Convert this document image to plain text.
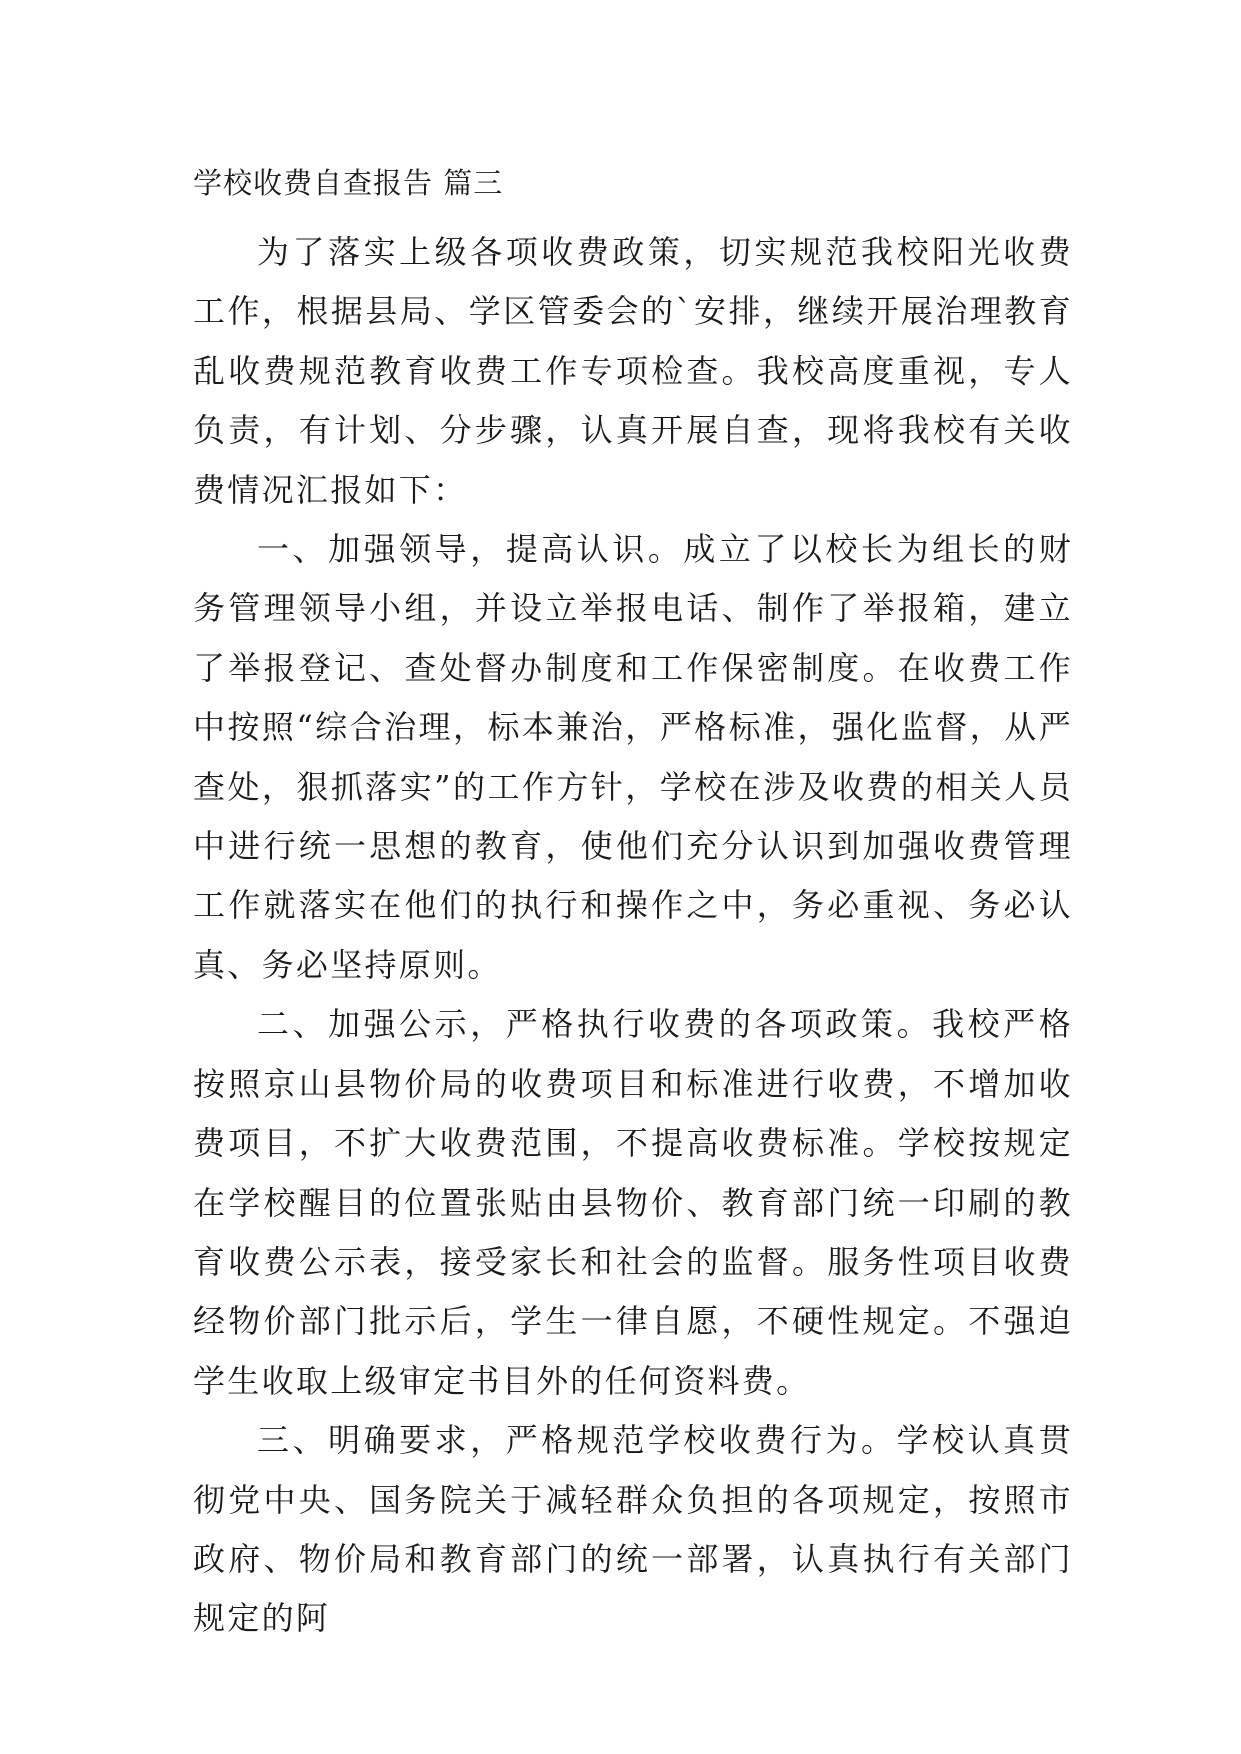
学校收费自查报告 篇三

为了落实上级各项收费政策，切实规范我校阳光收费工作，根据县局、学区管委会的`安排，继续开展治理教育乱收费规范教育收费工作专项检查。我校高度重视，专人负责，有计划、分步骤，认真开展自查，现将我校有关收费情况汇报如下：

一、加强领导，提高认识。成立了以校长为组长的财务管理领导小组，并设立举报电话、制作了举报箱，建立了举报登记、查处督办制度和工作保密制度。在收费工作中按照“综合治理，标本兼治，严格标准，强化监督，从严查处，狠抓落实”的工作方针，学校在涉及收费的相关人员中进行统一思想的教育，使他们充分认识到加强收费管理工作就落实在他们的执行和操作之中，务必重视、务必认真、务必坚持原则。

二、加强公示，严格执行收费的各项政策。我校严格按照京山县物价局的收费项目和标准进行收费，不增加收费项目，不扩大收费范围，不提高收费标准。学校按规定在学校醒目的位置张贴由县物价、教育部门统一印刷的教育收费公示表，接受家长和社会的监督。服务性项目收费经物价部门批示后，学生一律自愿，不硬性规定。不强迫学生收取上级审定书目外的任何资料费。

三、明确要求，严格规范学校收费行为。学校认真贯彻党中央、国务院关于减轻群众负担的各项规定，按照市政府、物价局和教育部门的统一部署，认真执行有关部门规定的阿
